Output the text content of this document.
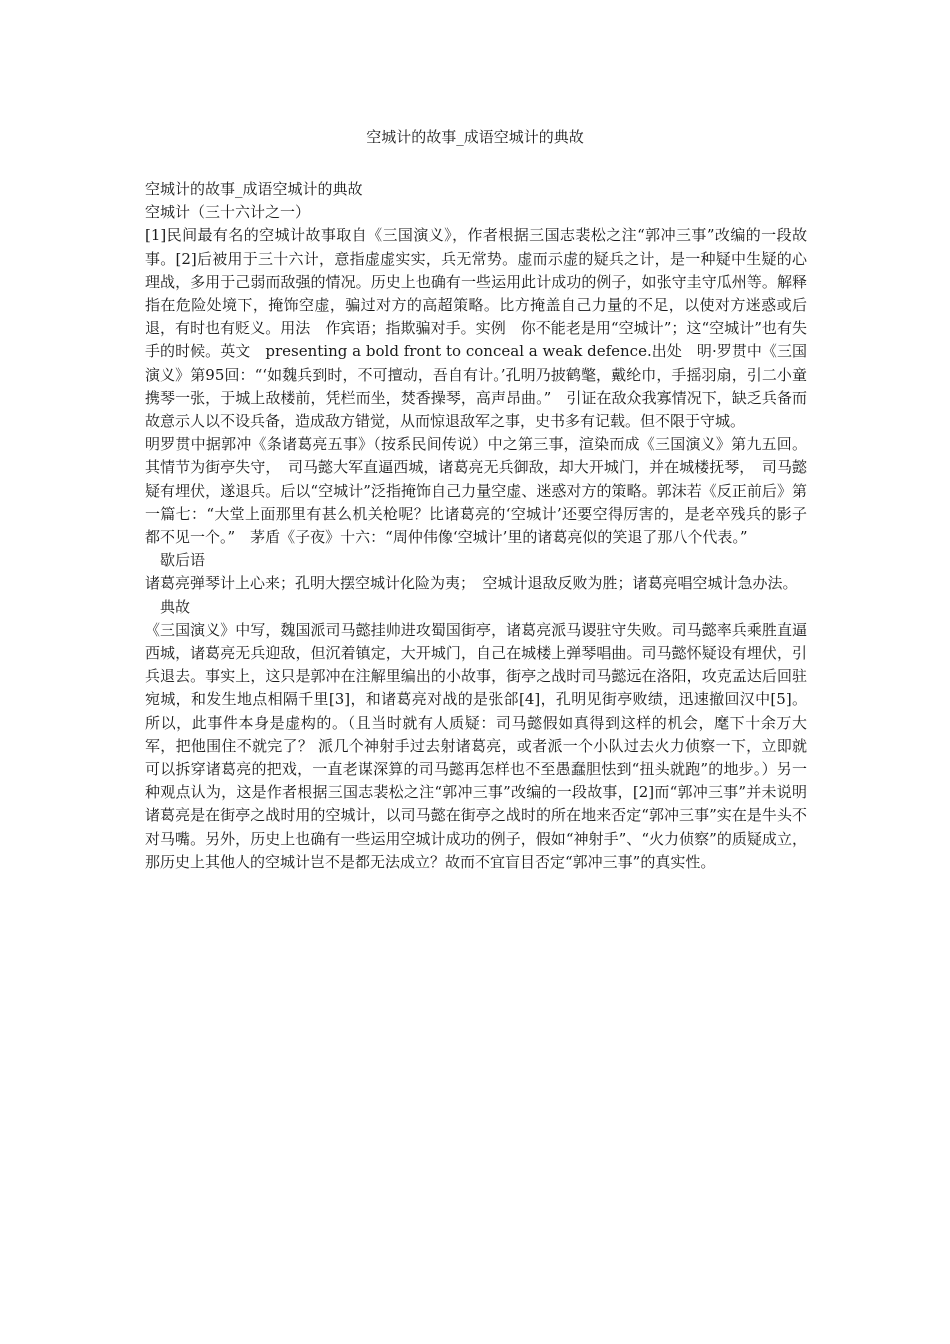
空城计的故事_成语空城计的典故

空城计的故事_成语空城计的典故

空城计（三十六计之一）

[1]民间最有名的空城计故事取自《三国演义》，作者根据三国志裴松之注“郭冲三事”改编的一段故事。[2]后被用于三十六计，意指虚虚实实，兵无常势。虚而示虚的疑兵之计，是一种疑中生疑的心理战，多用于己弱而敌强的情况。历史上也确有一些运用此计成功的例子，如张守圭守瓜州等。解释　指在危险处境下，掩饰空虚，骗过对方的高超策略。比方掩盖自己力量的不足，以使对方迷惑或后退，有时也有贬义。用法　作宾语；指欺骗对手。实例　你不能老是用“空城计”；这“空城计”也有失手的时候。英文　presenting a bold front to conceal a weak defence.出处　明·罗贯中《三国演义》第95回：“‘如魏兵到时，不可擅动，吾自有计。’孔明乃披鹤氅，戴纶巾，手摇羽扇，引二小童携琴一张，于城上敌楼前，凭栏而坐，焚香操琴，高声昂曲。”　引证在敌众我寡情况下，缺乏兵备而故意示人以不设兵备，造成敌方错觉，从而惊退敌军之事，史书多有记载。但不限于守城。

明罗贯中据郭冲《条诸葛亮五事》（按系民间传说）中之第三事，渲染而成《三国演义》第九五回。其情节为街亭失守，　司马懿大军直逼西城，诸葛亮无兵御敌，却大开城门，并在城楼抚琴，　司马懿疑有埋伏，遂退兵。后以“空城计”泛指掩饰自己力量空虚、迷惑对方的策略。郭沫若《反正前后》第一篇七：“大堂上面那里有甚么机关枪呢？比诸葛亮的‘空城计’还要空得厉害的，是老卒残兵的影子都不见一个。”　茅盾《子夜》十六：“周仲伟像‘空城计’里的诸葛亮似的笑退了那八个代表。”

歇后语

诸葛亮弹琴计上心来；孔明大摆空城计化险为夷；　空城计退敌反败为胜；诸葛亮唱空城计急办法。

典故

《三国演义》中写，魏国派司马懿挂帅进攻蜀国街亭，诸葛亮派马谡驻守失败。司马懿率兵乘胜直逼西城，诸葛亮无兵迎敌，但沉着镇定，大开城门，自己在城楼上弹琴唱曲。司马懿怀疑设有埋伏，引兵退去。事实上，这只是郭冲在注解里编出的小故事，街亭之战时司马懿远在洛阳，攻克孟达后回驻宛城，和发生地点相隔千里[3]，和诸葛亮对战的是张郃[4]，孔明见街亭败绩，迅速撤回汉中[5]。所以，此事件本身是虚构的。（且当时就有人质疑：司马懿假如真得到这样的机会，麾下十余万大军，把他围住不就完了？ 派几个神射手过去射诸葛亮，或者派一个小队过去火力侦察一下，立即就可以拆穿诸葛亮的把戏，一直老谋深算的司马懿再怎样也不至愚蠢胆怯到“扭头就跑”的地步。）另一种观点认为，这是作者根据三国志裴松之注“郭冲三事”改编的一段故事，[2]而“郭冲三事”并未说明诸葛亮是在街亭之战时用的空城计，以司马懿在街亭之战时的所在地来否定“郭冲三事”实在是牛头不对马嘴。另外，历史上也确有一些运用空城计成功的例子，假如“神射手”、“火力侦察”的质疑成立，那历史上其他人的空城计岂不是都无法成立？故而不宜盲目否定“郭冲三事”的真实性。
